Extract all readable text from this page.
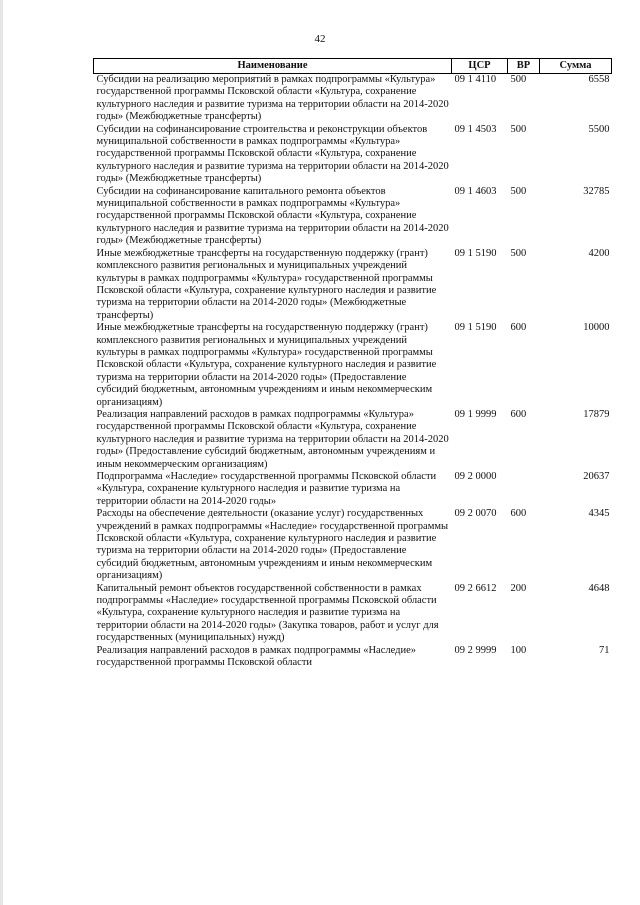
42
Наименование	ЦСР	ВР	Сумма
Субсидии на реализацию мероприятий в рамках подпрограммы «Культура» государственной программы Псковской области «Культура, сохранение культурного наследия и развитие туризма на территории области на 2014-2020 годы» (Межбюджетные трансферты)	09 1 4110	500	6558
Субсидии на софинансирование строительства и реконструкции объектов муниципальной собственности в рамках подпрограммы «Культура» государственной программы Псковской области «Культура, сохранение культурного наследия и развитие туризма на территории области на 2014-2020 годы» (Межбюджетные трансферты)	09 1 4503	500	5500
Субсидии на софинансирование капитального ремонта объектов муниципальной собственности в рамках подпрограммы «Культура» государственной программы Псковской области «Культура, сохранение культурного наследия и развитие туризма на территории области на 2014-2020 годы» (Межбюджетные трансферты)	09 1 4603	500	32785
Иные межбюджетные трансферты на государственную поддержку (грант) комплексного развития региональных и муниципальных учреждений культуры в рамках подпрограммы «Культура» государственной программы Псковской области «Культура, сохранение культурного наследия и развитие туризма на территории области на 2014-2020 годы» (Межбюджетные трансферты)	09 1 5190	500	4200
Иные межбюджетные трансферты на государственную поддержку (грант) комплексного развития региональных и муниципальных учреждений культуры в рамках подпрограммы «Культура» государственной программы Псковской области «Культура, сохранение культурного наследия и развитие туризма на территории области на 2014-2020 годы» (Предоставление субсидий бюджетным, автономным учреждениям и иным некоммерческим организациям)	09 1 5190	600	10000
Реализация направлений расходов в рамках подпрограммы «Культура» государственной программы Псковской области «Культура, сохранение культурного наследия и развитие туризма на территории области на 2014-2020 годы» (Предоставление субсидий бюджетным, автономным учреждениям и иным некоммерческим организациям)	09 1 9999	600	17879
Подпрограмма «Наследие» государственной программы Псковской области «Культура, сохранение культурного наследия и развитие туризма на территории области на 2014-2020 годы»	09 2 0000		20637
Расходы на обеспечение деятельности (оказание услуг) государственных учреждений в рамках подпрограммы «Наследие» государственной программы Псковской области «Культура, сохранение культурного наследия и развитие туризма на территории области на 2014-2020 годы» (Предоставление субсидий бюджетным, автономным учреждениям и иным некоммерческим организациям)	09 2 0070	600	4345
Капитальный ремонт объектов государственной собственности в рамках подпрограммы «Наследие» государственной программы Псковской области «Культура, сохранение культурного наследия и развитие туризма на территории области на 2014-2020 годы» (Закупка товаров, работ и услуг для государственных (муниципальных) нужд)	09 2 6612	200	4648
Реализация направлений расходов в рамках подпрограммы «Наследие» государственной программы Псковской области	09 2 9999	100	71
